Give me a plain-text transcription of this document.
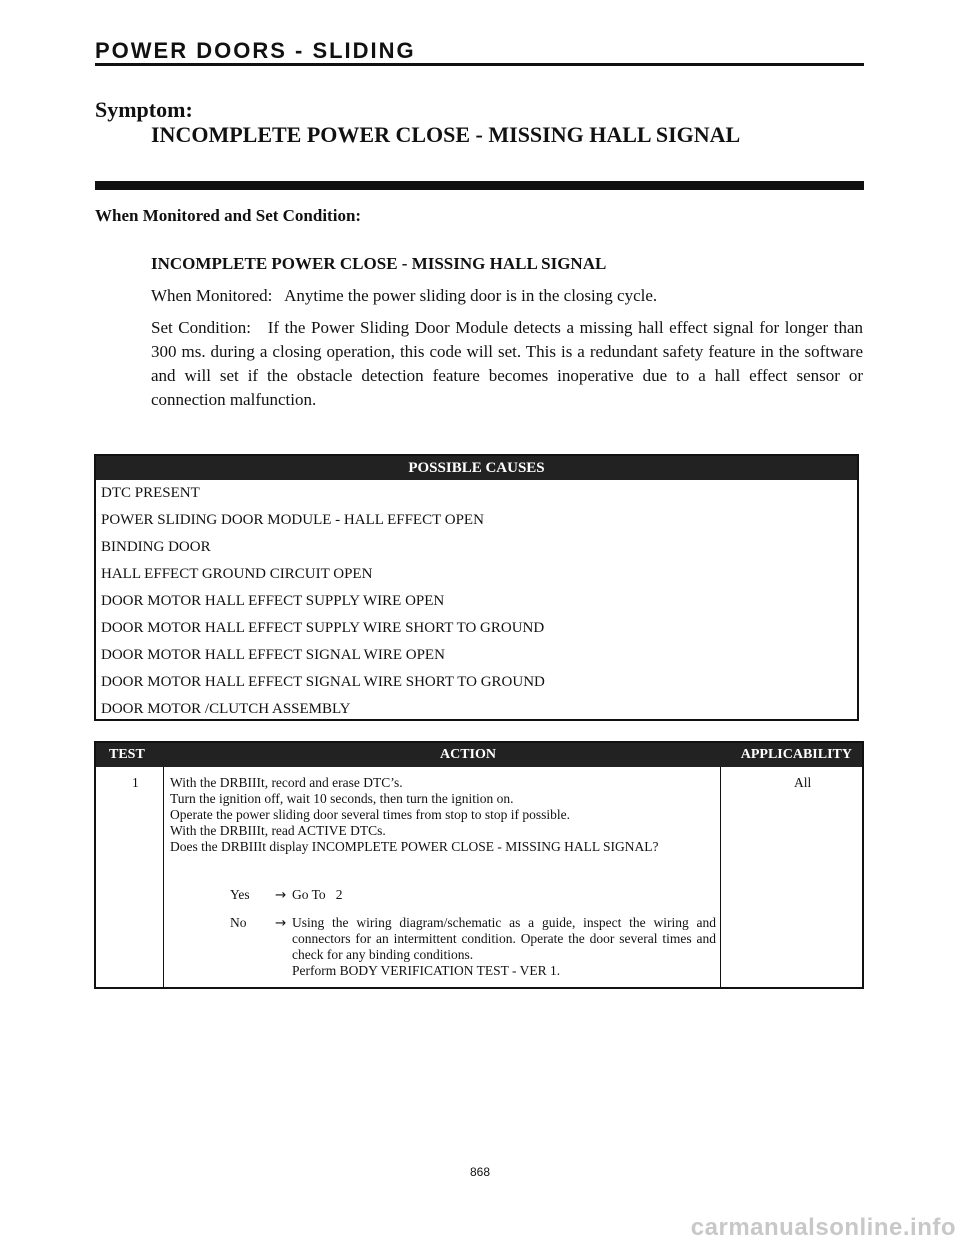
POWER DOORS - SLIDING
Symptom:
INCOMPLETE POWER CLOSE - MISSING HALL SIGNAL
When Monitored and Set Condition:

INCOMPLETE POWER CLOSE - MISSING HALL SIGNAL

When Monitored:   Anytime the power sliding door is in the closing cycle.

Set Condition:   If the Power Sliding Door Module detects a missing hall effect signal for longer than 300 ms. during a closing operation, this code will set. This is a redundant safety feature in the software and will set if the obstacle detection feature becomes inoperative due to a hall effect sensor or connection malfunction.

POSSIBLE CAUSES
DTC PRESENT
POWER SLIDING DOOR MODULE - HALL EFFECT OPEN
BINDING DOOR
HALL EFFECT GROUND CIRCUIT OPEN
DOOR MOTOR HALL EFFECT SUPPLY WIRE OPEN
DOOR MOTOR HALL EFFECT SUPPLY WIRE SHORT TO GROUND
DOOR MOTOR HALL EFFECT SIGNAL WIRE OPEN
DOOR MOTOR HALL EFFECT SIGNAL WIRE SHORT TO GROUND
DOOR MOTOR /CLUTCH ASSEMBLY
TEST	ACTION	APPLICABILITY
1 With the DRBIIIt, record and erase DTC’s.
Turn the ignition off, wait 10 seconds, then turn the ignition on.
Operate the power sliding door several times from stop to stop if possible.
With the DRBIIIt, read ACTIVE DTCs.
Does the DRBIIIt display INCOMPLETE POWER CLOSE - MISSING HALL SIGNAL?
Yes → Go To   2
No → Using the wiring diagram/schematic as a guide, inspect the wiring and connectors for an intermittent condition. Operate the door several times and check for any binding conditions.
Perform BODY VERIFICATION TEST - VER 1.
All
868
carmanualsonline.info
